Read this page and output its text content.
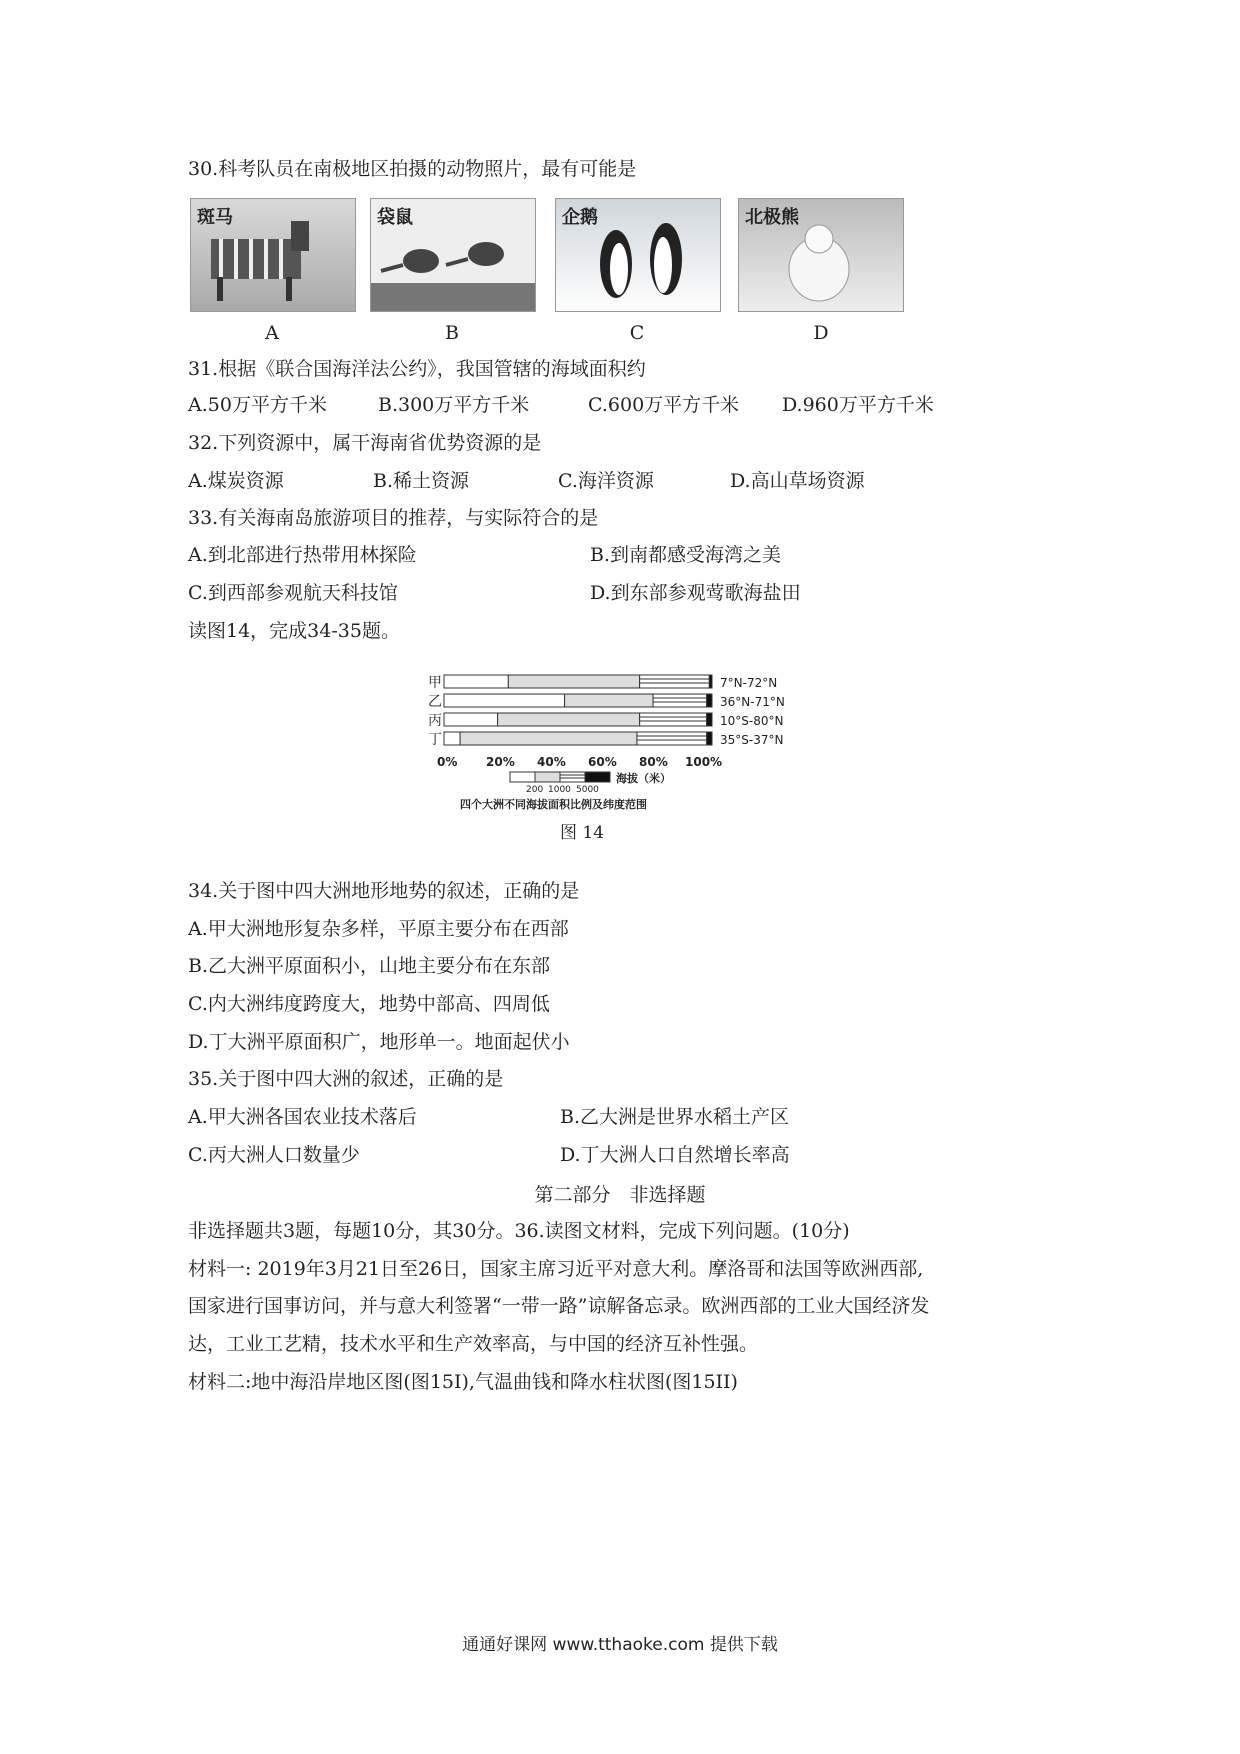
30.科考队员在南极地区拍摄的动物照片，最有可能是
斑马	袋鼠	企鹅	北极熊
A	B	C	D
31.根据《联合国海洋法公约》，我国管辖的海域面积约
A.50万平方千米	B.300万平方千米	C.600万平方千米 D.960万平方千米
32.下列资源中，属干海南省优势资源的是
A.煤炭资源	B.稀土资源	C.海洋资源	D.高山草场资源
33.有关海南岛旅游项目的推荐，与实际符合的是
A.到北部进行热带用林探险	B.到南都感受海湾之美
C.到西部参观航天科技馆	D.到东部参观莺歌海盐田
读图14，完成34-35题。
甲
乙
丙
丁
7°N-72°N
36°N-71°N
10°S-80°N
35°S-37°N
0% 20% 40% 60% 80% 100%
200 1000 5000
海拔（米）
四个大洲不同海拔面积比例及纬度范围
图 14
34.关于图中四大洲地形地势的叙述，正确的是
A.甲大洲地形复杂多样，平原主要分布在西部
B.乙大洲平原面积小，山地主要分布在东部
C.内大洲纬度跨度大，地势中部高、四周低
D.丁大洲平原面积广，地形单一。地面起伏小
35.关于图中四大洲的叙述，正确的是
A.甲大洲各国农业技术落后	B.乙大洲是世界水稻土产区
C.丙大洲人口数量少	D.丁大洲人口自然增长率高
第二部分　非选择题
非选择题共3题，每题10分，其30分。36.读图文材料，完成下列问题。(10分)
材料一: 2019年3月21日至26日，国家主席习近平对意大利。摩洛哥和法国等欧洲西部,
国家进行国事访问，并与意大利签署“一带一路”谅解备忘录。欧洲西部的工业大国经济发
达，工业工艺精，技术水平和生产效率高，与中国的经济互补性强。
材料二:地中海沿岸地区图(图15I),气温曲钱和降水柱状图(图15II)
通通好课网 www.tthaoke.com 提供下载
